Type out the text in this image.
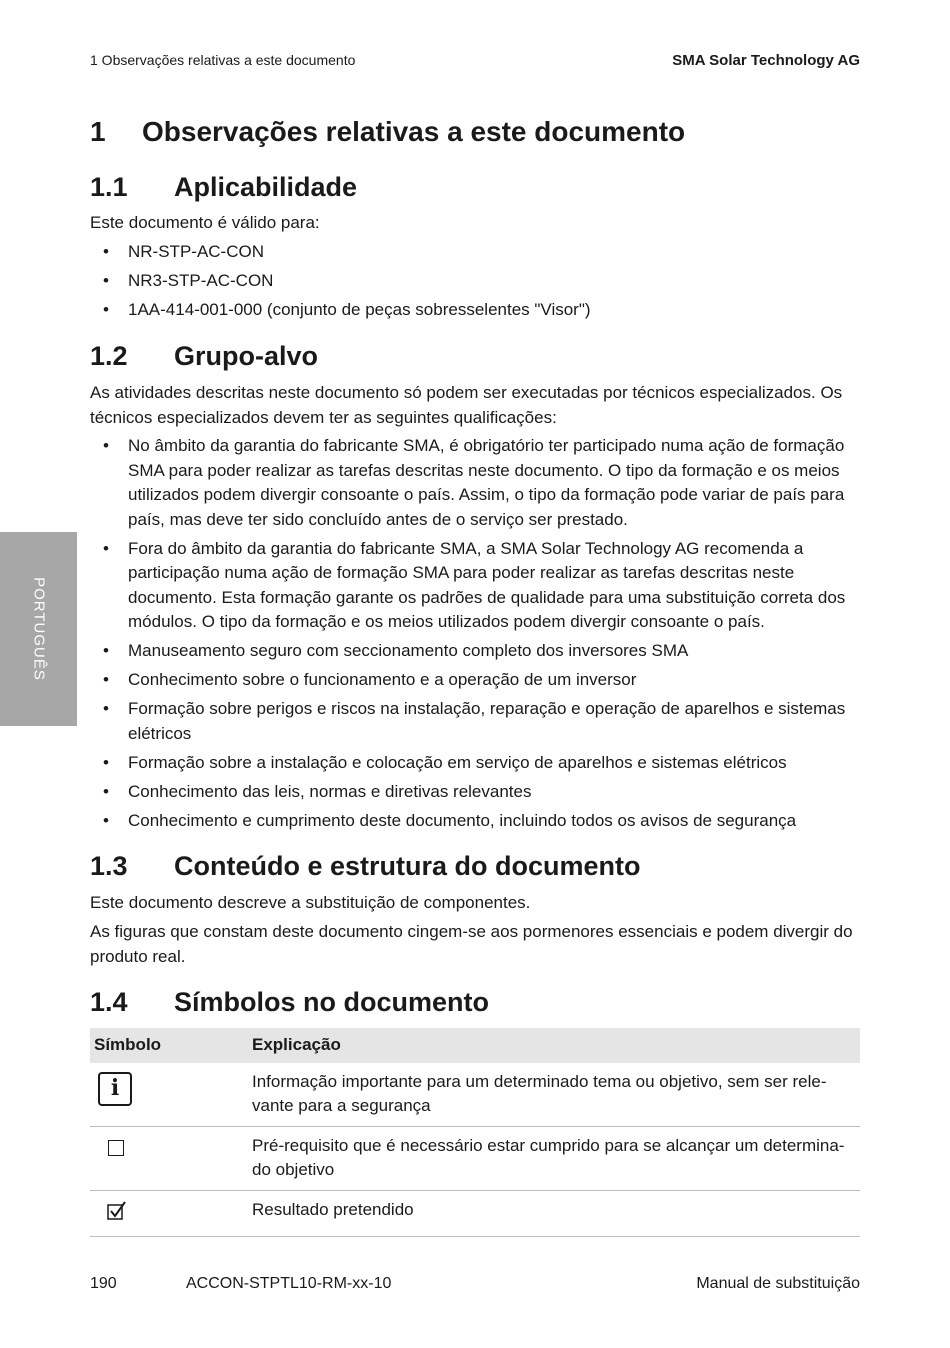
1 Observações relativas a este documento	SMA Solar Technology AG
PORTUGUÊS
1 Observações relativas a este documento
1.1 Aplicabilidade

Este documento é válido para:

• NR-STP-AC-CON
• NR3-STP-AC-CON
• 1AA-414-001-000 (conjunto de peças sobresselentes "Visor")
1.2 Grupo-alvo

As atividades descritas neste documento só podem ser executadas por técnicos especializados. Os técnicos especializados devem ter as seguintes qualificações:

• No âmbito da garantia do fabricante SMA, é obrigatório ter participado numa ação de formação SMA para poder realizar as tarefas descritas neste documento. O tipo da formação e os meios utilizados podem divergir consoante o país. Assim, o tipo da formação pode variar de país para país, mas deve ter sido concluído antes de o serviço ser prestado.
• Fora do âmbito da garantia do fabricante SMA, a SMA Solar Technology AG recomenda a participação numa ação de formação SMA para poder realizar as tarefas descritas neste documento. Esta formação garante os padrões de qualidade para uma substituição correta dos módulos. O tipo da formação e os meios utilizados podem divergir consoante o país.
• Manuseamento seguro com seccionamento completo dos inversores SMA
• Conhecimento sobre o funcionamento e a operação de um inversor
• Formação sobre perigos e riscos na instalação, reparação e operação de aparelhos e sistemas elétricos
• Formação sobre a instalação e colocação em serviço de aparelhos e sistemas elétricos
• Conhecimento das leis, normas e diretivas relevantes
• Conhecimento e cumprimento deste documento, incluindo todos os avisos de segurança
1.3 Conteúdo e estrutura do documento

Este documento descreve a substituição de componentes.

As figuras que constam deste documento cingem-se aos pormenores essenciais e podem divergir do produto real.

1.4 Símbolos no documento
Símbolo	Explicação
i	Informação importante para um determinado tema ou objetivo, sem ser rele-vante para a segurança
	Pré-requisito que é necessário estar cumprido para se alcançar um determina-do objetivo
	Resultado pretendido
190	ACCON-STPTL10-RM-xx-10	Manual de substituição
